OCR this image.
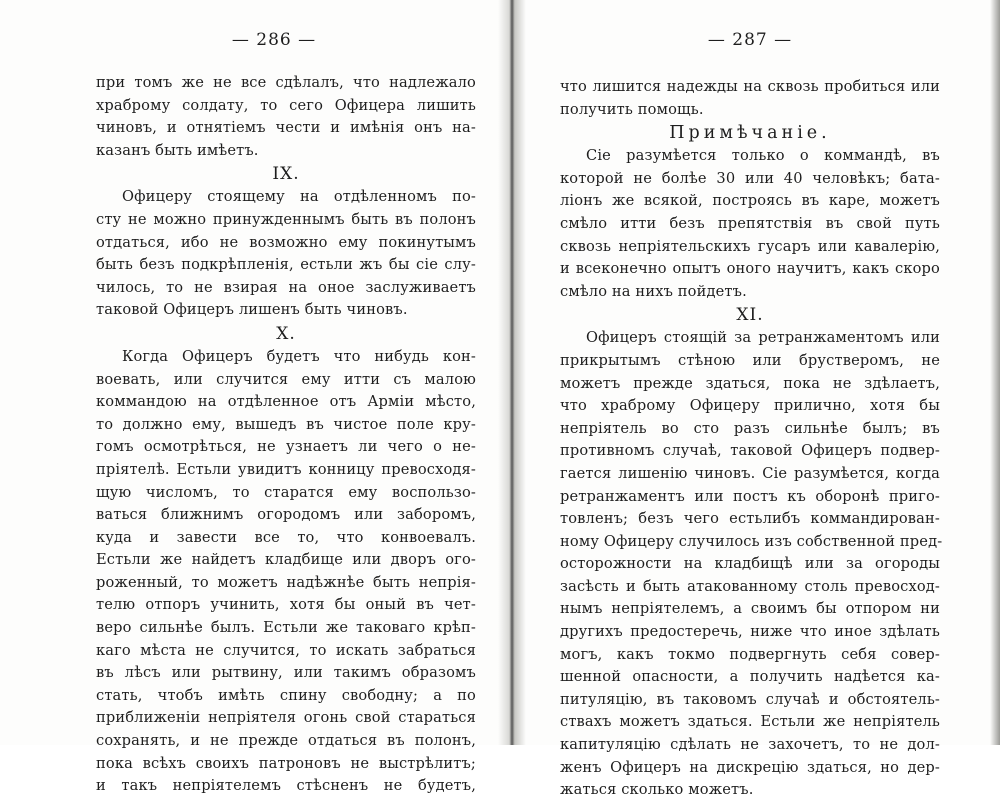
— 286 —
при томъ же не все сдѣлалъ, что надлежало
храброму солдату, то сего Офицера лишить
чиновъ, и отнятіемъ чести и имѣнія онъ на-
казанъ быть имѣетъ.
IX.
Офицеру стоящему на отдѣленномъ по-
сту не можно принужденнымъ быть въ полонъ
отдаться, ибо не возможно ему покинутымъ
быть безъ подкрѣпленія, естьли жъ бы сіе слу-
чилось, то не взирая на оное заслуживаетъ
таковой Офицеръ лишенъ быть чиновъ.
X.
Когда Офицеръ будетъ что нибудь кон-
воевать, или случится ему итти съ малою
коммандою на отдѣленное отъ Арміи мѣсто,
то должно ему, вышедъ въ чистое поле кру-
гомъ осмотрѣться, не узнаетъ ли чего о не-
пріятелѣ. Естьли увидитъ конницу превосходя-
щую числомъ, то старатся ему воспользо-
ваться ближнимъ огородомъ или заборомъ,
куда и завести все то, что конвоевалъ.
Естьли же найдетъ кладбище или дворъ ого-
роженный, то можетъ надѣжнѣе быть непрія-
телю отпоръ учинить, хотя бы оный въ чет-
веро сильнѣе былъ. Естьли же таковаго крѣп-
каго мѣста не случится, то искать забраться
въ лѣсъ или рытвину, или такимъ образомъ
стать, чтобъ имѣть спину свободну; а по
приближеніи непріятеля огонь свой стараться
сохранять, и не прежде отдаться въ полонъ,
пока всѣхъ своихъ патроновъ не выстрѣлитъ;
и такъ непріятелемъ стѣсненъ не будетъ,
— 287 —
что лишится надежды на сквозь пробиться или
получить помощь.
Примѣчаніе.
Сіе разумѣется только о коммандѣ, въ
которой не болѣе 30 или 40 человѣкъ; бата-
ліонъ же всякой, построясь въ каре, можетъ
смѣло итти безъ препятствія въ свой путь
сквозь непріятельскихъ гусаръ или кавалерію,
и всеконечно опытъ оного научитъ, какъ скоро
смѣло на нихъ пойдетъ.
XI.
Офицеръ стоящій за ретранжаментомъ или
прикрытымъ стѣною или брустверомъ, не
можетъ прежде здаться, пока не здѣлаетъ,
что храброму Офицеру прилично, хотя бы
непріятель во сто разъ сильнѣе былъ; въ
противномъ случаѣ, таковой Офицеръ подвер-
гается лишенію чиновъ. Сіе разумѣется, когда
ретранжаментъ или постъ къ оборонѣ приго-
товленъ; безъ чего естьлибъ коммандирован-
ному Офицеру случилось изъ собственной пред-
осторожности на кладбищѣ или за огороды
засѣсть и быть атакованному столь превосход-
нымъ непріятелемъ, а своимъ бы отпором ни
другихъ предостеречь, ниже что иное здѣлать
могъ, какъ токмо подвергнуть себя совер-
шенной опасности, а получить надѣется ка-
питуляцію, въ таковомъ случаѣ и обстоятель-
ствахъ можетъ здаться. Естьли же непріятель
капитуляцію сдѣлать не захочетъ, то не дол-
женъ Офицеръ на дискрецію здаться, но дер-
жаться сколько можетъ.
